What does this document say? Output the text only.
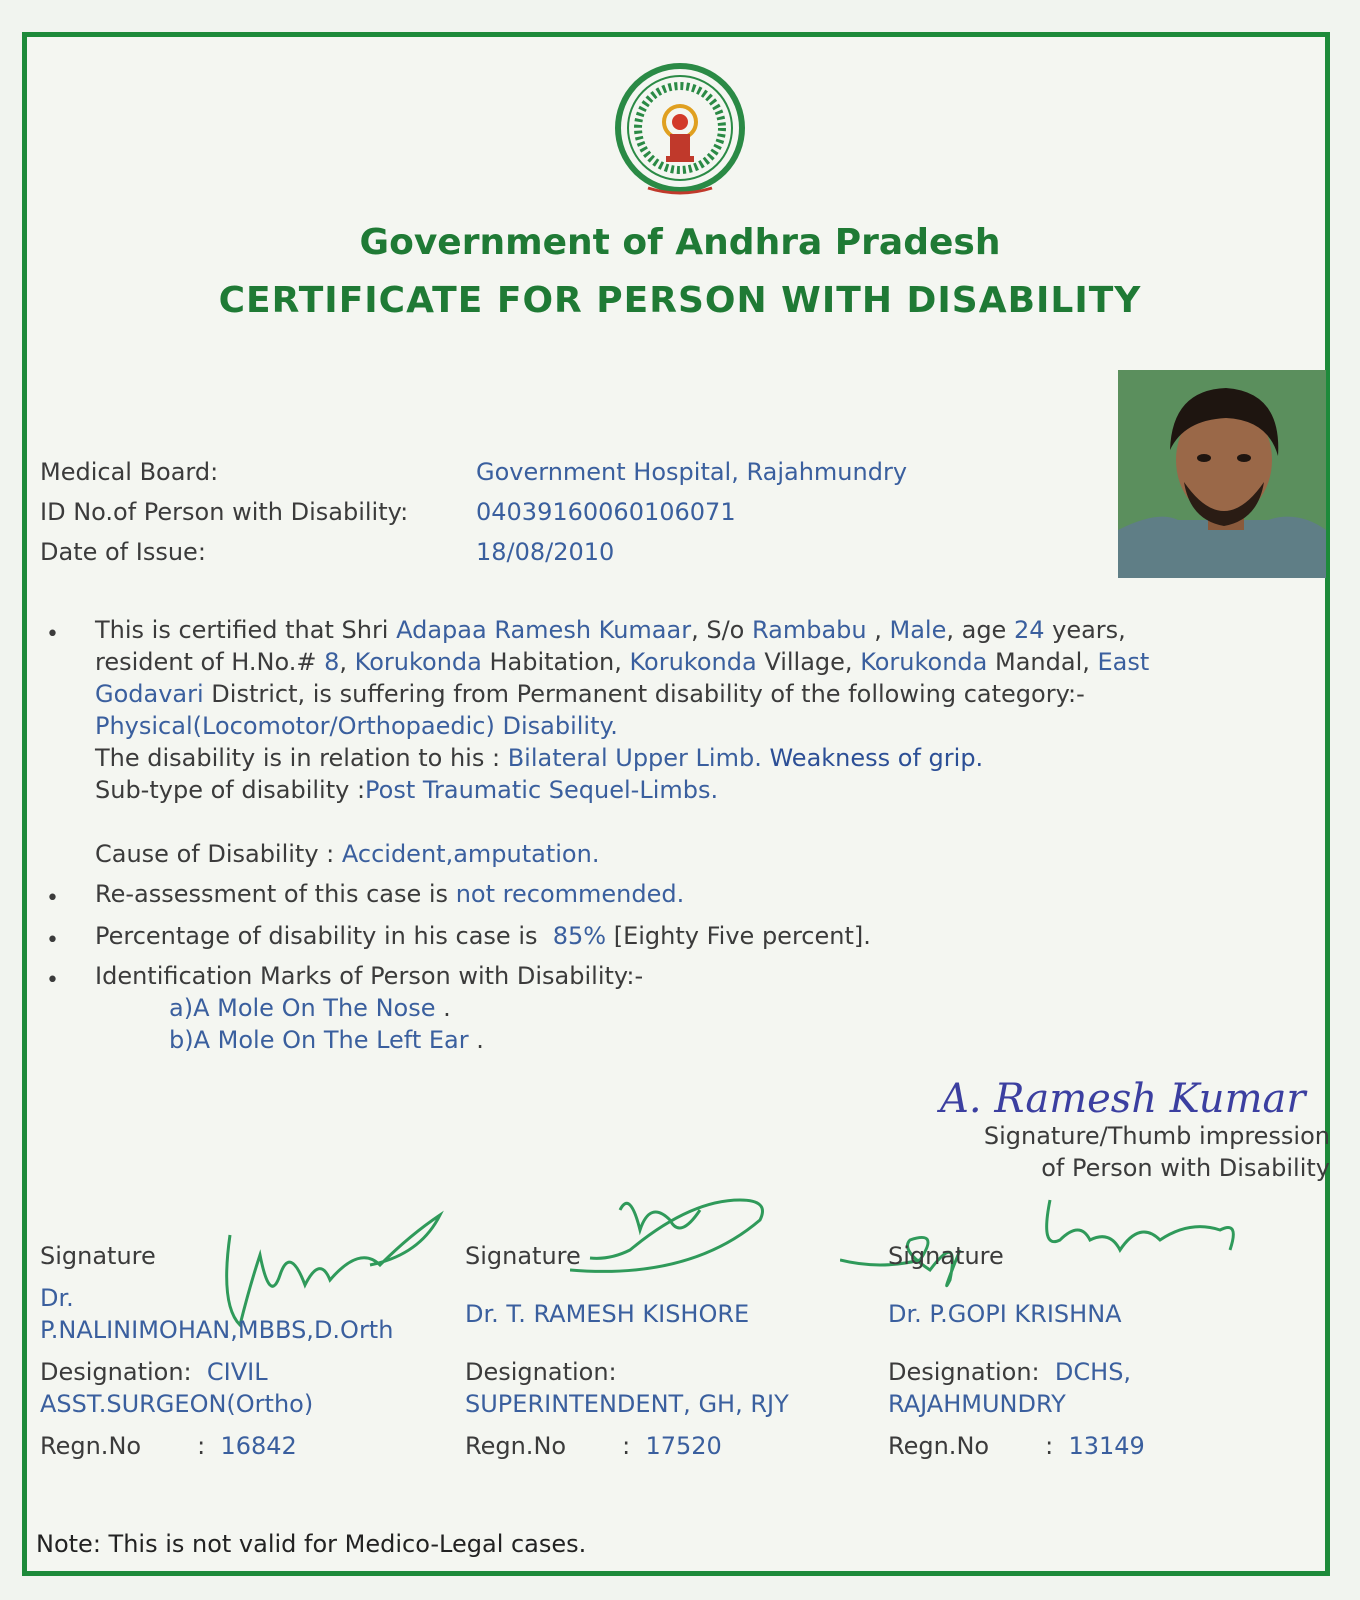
Government of Andhra Pradesh
CERTIFICATE FOR PERSON WITH DISABILITY
Medical Board:	Government Hospital, Rajahmundry
ID No.of Person with Disability:	04039160060106071
Date of Issue:	18/08/2010
• This is certified that Shri Adapaa Ramesh Kumaar, S/o Rambabu , Male, age 24 years,
resident of H.No.# 8, Korukonda Habitation, Korukonda Village, Korukonda Mandal, East
Godavari District, is suffering from Permanent disability of the following category:-
Physical(Locomotor/Orthopaedic) Disability.
The disability is in relation to his : Bilateral Upper Limb. Weakness of grip.
Sub-type of disability :Post Traumatic Sequel-Limbs.
Cause of Disability : Accident,amputation.
• Re-assessment of this case is not recommended.
• Percentage of disability in his case is  85% [Eighty Five percent].
• Identification Marks of Person with Disability:-
a)A Mole On The Nose .
b)A Mole On The Left Ear .
A. Ramesh Kumar
Signature/Thumb impression
of Person with Disability
Signature
Dr.
P.NALINIMOHAN,MBBS,D.Orth
Designation: CIVIL
ASST.SURGEON(Ortho)
Regn.No : 16842
Signature
Dr. T. RAMESH KISHORE
Designation:
SUPERINTENDENT, GH, RJY
Regn.No : 17520
Signature
Dr. P.GOPI KRISHNA
Designation: DCHS,
RAJAHMUNDRY
Regn.No : 13149
Note: This is not valid for Medico-Legal cases.
